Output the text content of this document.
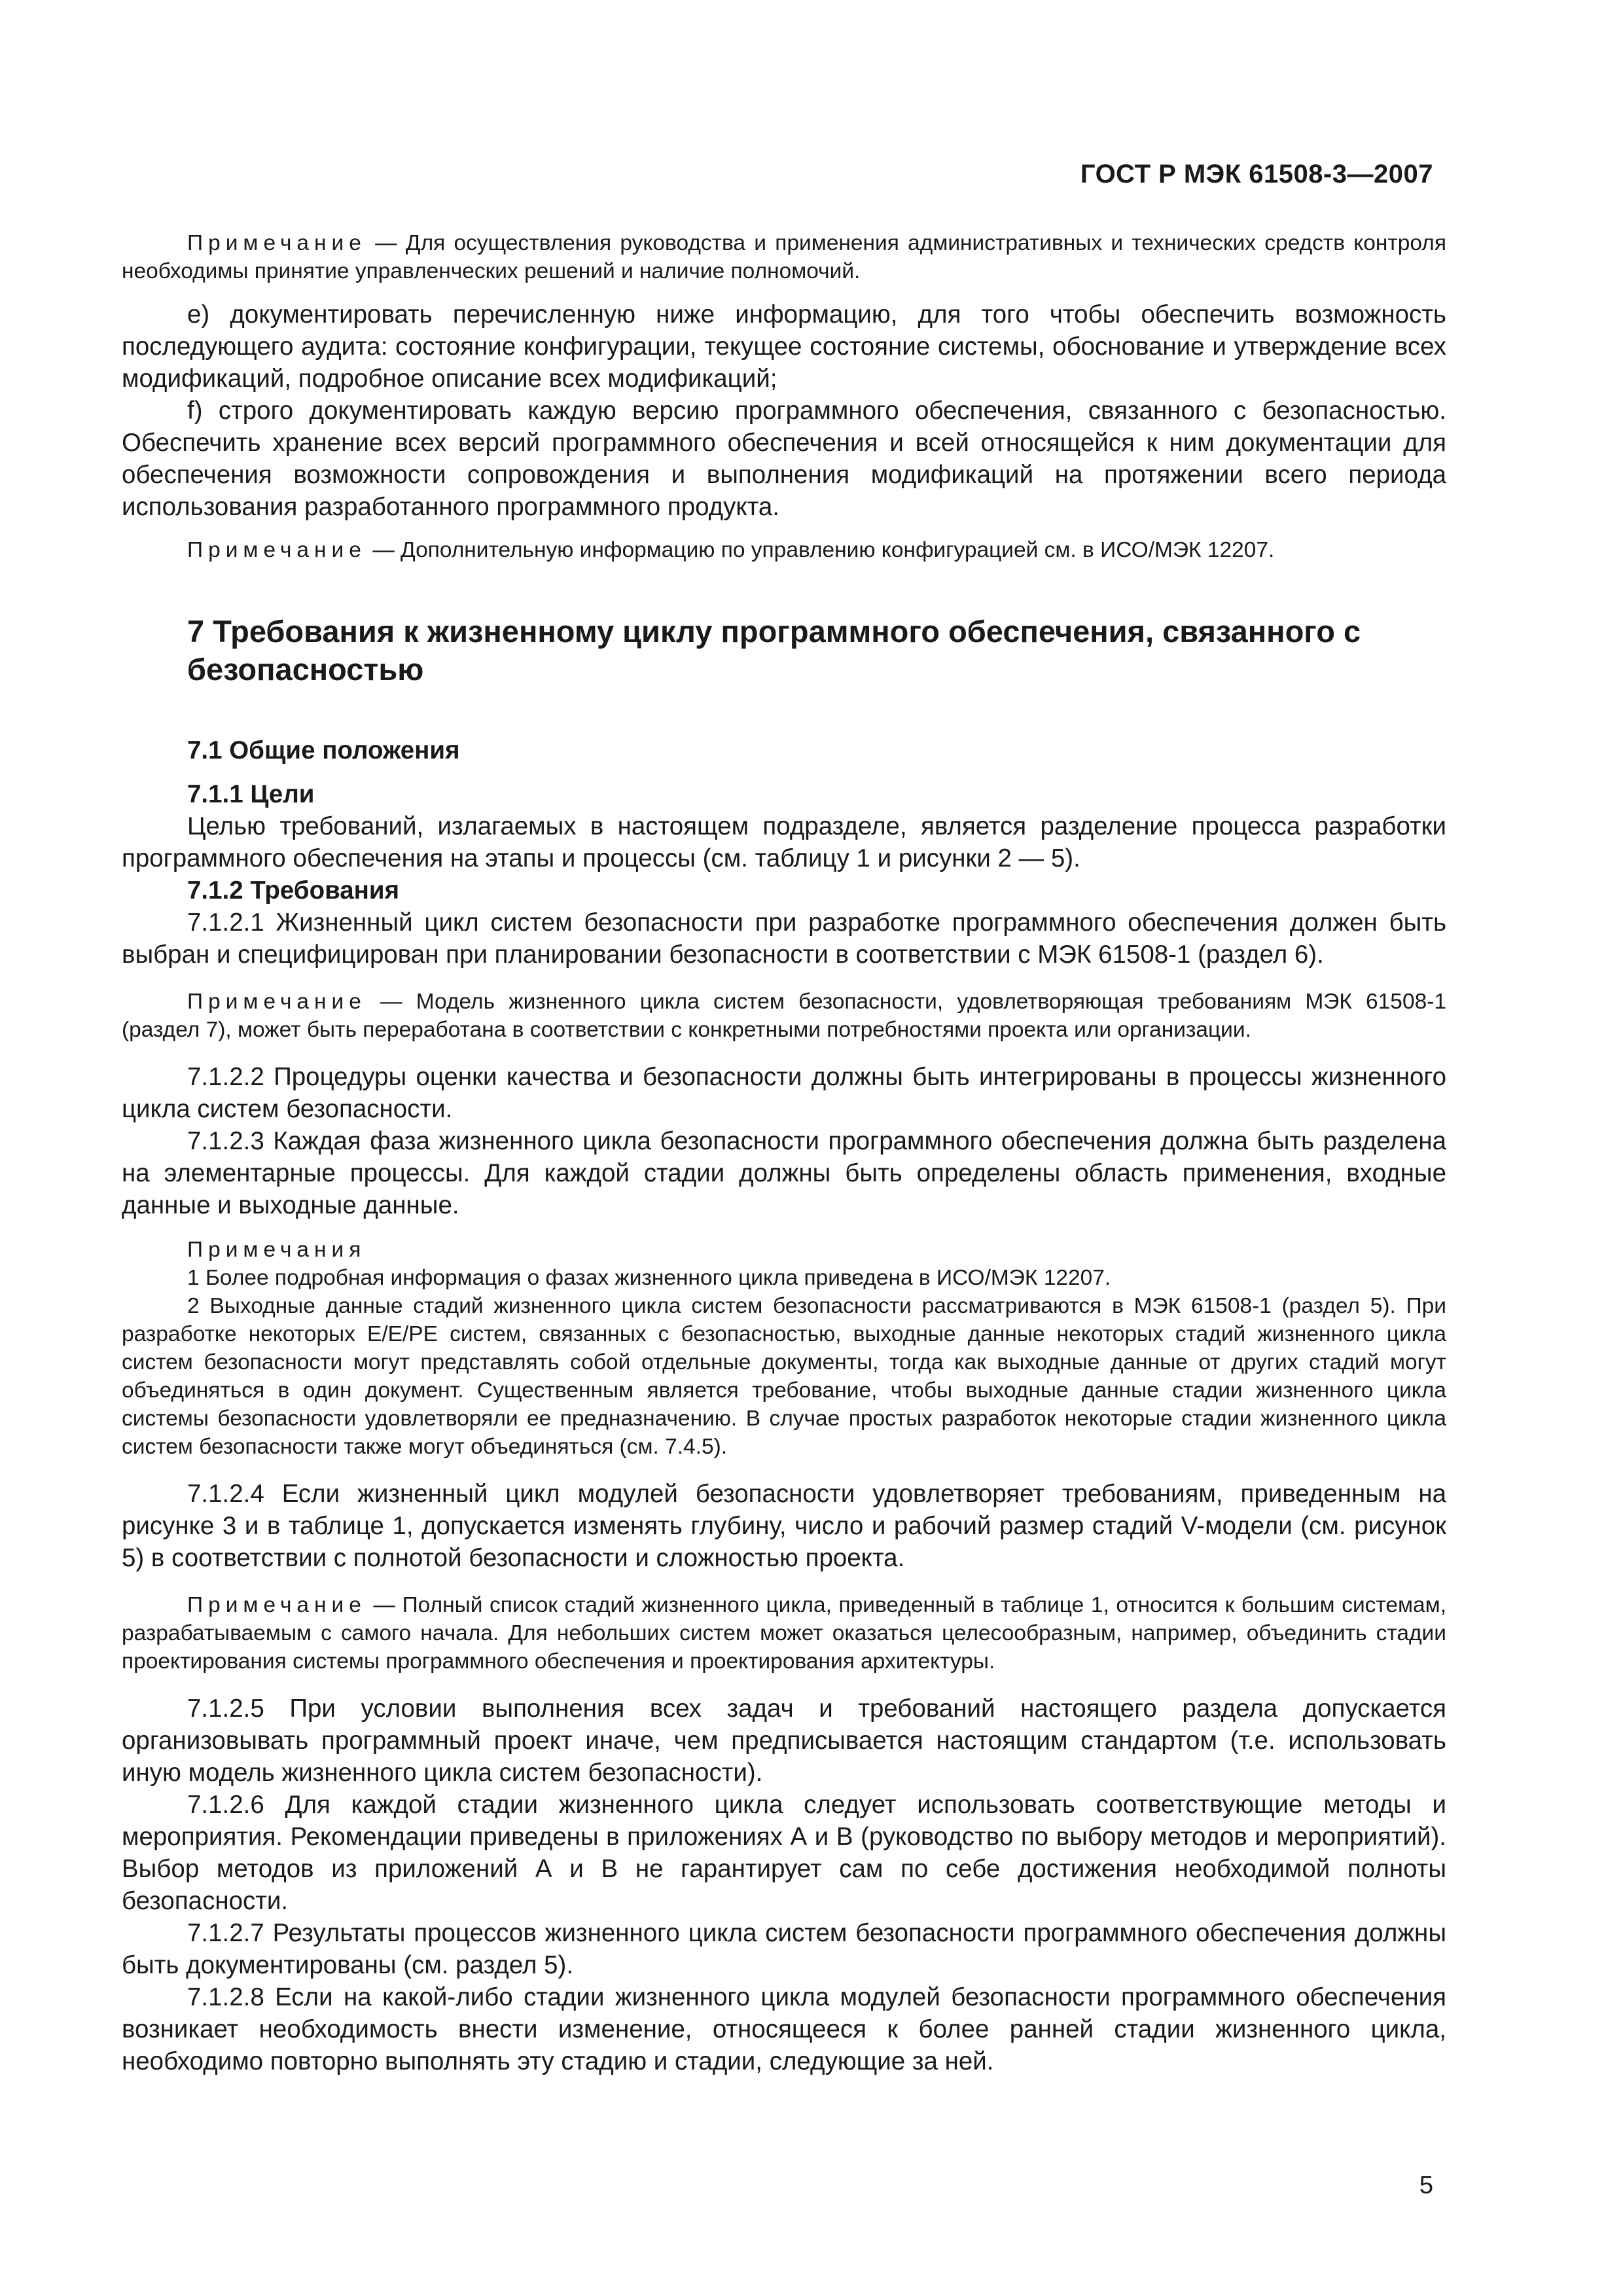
ГОСТ Р МЭК 61508-3—2007

Примечание — Для осуществления руководства и применения административных и технических средств контроля необходимы принятие управленческих решений и наличие полномочий.

е) документировать перечисленную ниже информацию, для того чтобы обеспечить возможность последующего аудита: состояние конфигурации, текущее состояние системы, обоснование и утверждение всех модификаций, подробное описание всех модификаций;

f) строго документировать каждую версию программного обеспечения, связанного с безопасностью. Обеспечить хранение всех версий программного обеспечения и всей относящейся к ним документации для обеспечения возможности сопровождения и выполнения модификаций на протяжении всего периода использования разработанного программного продукта.

Примечание — Дополнительную информацию по управлению конфигурацией см. в ИСО/МЭК 12207.

7 Требования к жизненному циклу программного обеспечения, связанного с безопасностью

7.1 Общие положения

7.1.1 Цели

Целью требований, излагаемых в настоящем подразделе, является разделение процесса разработки программного обеспечения на этапы и процессы (см. таблицу 1 и рисунки 2 — 5).

7.1.2 Требования

7.1.2.1 Жизненный цикл систем безопасности при разработке программного обеспечения должен быть выбран и специфицирован при планировании безопасности в соответствии с МЭК 61508-1 (раздел 6).

Примечание — Модель жизненного цикла систем безопасности, удовлетворяющая требованиям МЭК 61508-1 (раздел 7), может быть переработана в соответствии с конкретными потребностями проекта или организации.

7.1.2.2 Процедуры оценки качества и безопасности должны быть интегрированы в процессы жизненного цикла систем безопасности.

7.1.2.3 Каждая фаза жизненного цикла безопасности программного обеспечения должна быть разделена на элементарные процессы. Для каждой стадии должны быть определены область применения, входные данные и выходные данные.

Примечания

1 Более подробная информация о фазах жизненного цикла приведена в ИСО/МЭК 12207.

2 Выходные данные стадий жизненного цикла систем безопасности рассматриваются в МЭК 61508-1 (раздел 5). При разработке некоторых Е/Е/РЕ систем, связанных с безопасностью, выходные данные некоторых стадий жизненного цикла систем безопасности могут представлять собой отдельные документы, тогда как выходные данные от других стадий могут объединяться в один документ. Существенным является требование, чтобы выходные данные стадии жизненного цикла системы безопасности удовлетворяли ее предназначению. В случае простых разработок некоторые стадии жизненного цикла систем безопасности также могут объединяться (см. 7.4.5).

7.1.2.4 Если жизненный цикл модулей безопасности удовлетворяет требованиям, приведенным на рисунке 3 и в таблице 1, допускается изменять глубину, число и рабочий размер стадий V-модели (см. рисунок 5) в соответствии с полнотой безопасности и сложностью проекта.

Примечание — Полный список стадий жизненного цикла, приведенный в таблице 1, относится к большим системам, разрабатываемым с самого начала. Для небольших систем может оказаться целесообразным, например, объединить стадии проектирования системы программного обеспечения и проектирования архитектуры.

7.1.2.5 При условии выполнения всех задач и требований настоящего раздела допускается организовывать программный проект иначе, чем предписывается настоящим стандартом (т.е. использовать иную модель жизненного цикла систем безопасности).

7.1.2.6 Для каждой стадии жизненного цикла следует использовать соответствующие методы и мероприятия. Рекомендации приведены в приложениях А и В (руководство по выбору методов и мероприятий). Выбор методов из приложений А и В не гарантирует сам по себе достижения необходимой полноты безопасности.

7.1.2.7 Результаты процессов жизненного цикла систем безопасности программного обеспечения должны быть документированы (см. раздел 5).

7.1.2.8 Если на какой-либо стадии жизненного цикла модулей безопасности программного обеспечения возникает необходимость внести изменение, относящееся к более ранней стадии жизненного цикла, необходимо повторно выполнять эту стадию и стадии, следующие за ней.

5
